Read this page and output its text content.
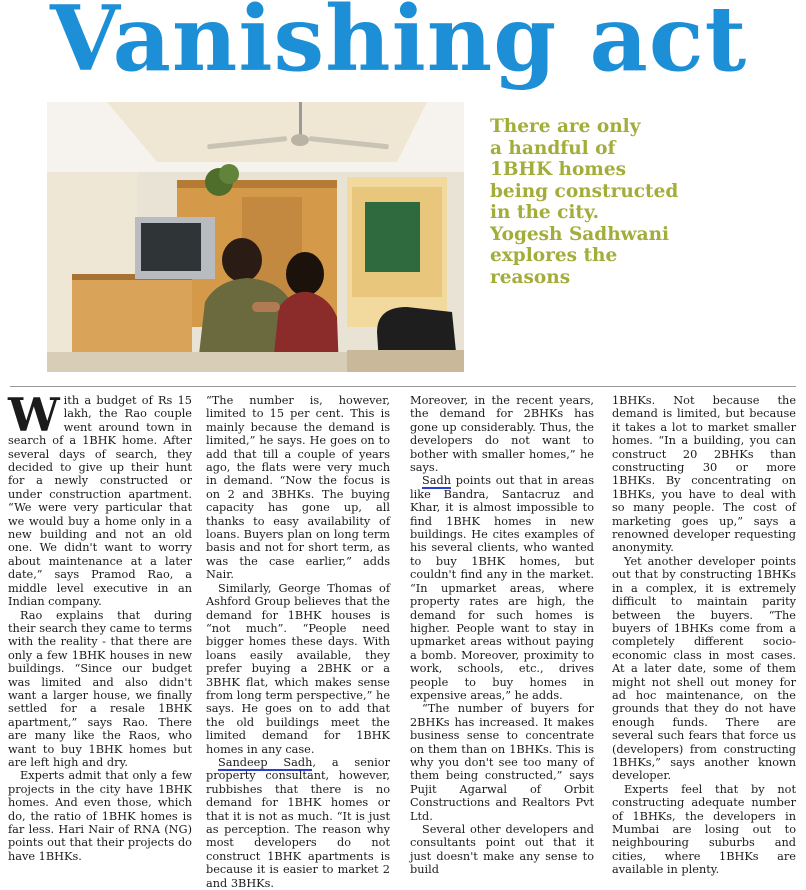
Vanishing act

There are only

a handful of

1BHK homes

being constructed

in the city.

Yogesh Sadhwani

explores the

reasons

With a budget of Rs 15 lakh, the Rao couple went around town in search of a 1BHK home. After several days of search, they decided to give up their hunt for a newly constructed or under construction apartment. “We were very particular that we would buy a home only in a new building and not an old one. We didn't want to worry about maintenance at a later date,” says Pramod Rao, a middle level executive in an Indian company.

Rao explains that during their search they came to terms with the reality - that there are only a few 1BHK houses in new buildings. “Since our budget was limited and also didn't want a larger house, we finally settled for a resale 1BHK apartment,” says Rao. There are many like the Raos, who want to buy 1BHK homes but are left high and dry.

Experts admit that only a few projects in the city have 1BHK homes. And even those, which do, the ratio of 1BHK homes is far less. Hari Nair of RNA (NG) points out that their projects do have 1BHKs.

“The number is, however, limited to 15 per cent. This is mainly because the demand is limited,” he says. He goes on to add that till a couple of years ago, the flats were very much in demand. “Now the focus is on 2 and 3BHKs. The buying capacity has gone up, all thanks to easy availability of loans. Buyers plan on long term basis and not for short term, as was the case earlier,” adds Nair.

Similarly, George Thomas of Ashford Group believes that the demand for 1BHK houses is “not much”. “People need bigger homes these days. With loans easily available, they prefer buying a 2BHK or a 3BHK flat, which makes sense from long term perspective,” he says. He goes on to add that the old buildings meet the limited demand for 1BHK homes in any case.

Sandeep Sadh, a senior property consultant, however, rubbishes that there is no demand for 1BHK homes or that it is not as much. “It is just as perception. The reason why most developers do not construct 1BHK apartments is because it is easier to market 2 and 3BHKs.

Moreover, in the recent years, the demand for 2BHKs has gone up considerably. Thus, the developers do not want to bother with smaller homes,” he says.

Sadh points out that in areas like Bandra, Santacruz and Khar, it is almost impossible to find 1BHK homes in new buildings. He cites examples of his several clients, who wanted to buy 1BHK homes, but couldn't find any in the market. “In upmarket areas, where property rates are high, the demand for such homes is higher. People want to stay in upmarket areas without paying a bomb. Moreover, proximity to work, schools, etc., drives people to buy homes in expensive areas,” he adds.

“The number of buyers for 2BHKs has increased. It makes business sense to concentrate on them than on 1BHKs. This is why you don't see too many of them being constructed,” says Pujit Agarwal of Orbit Constructions and Realtors Pvt Ltd.

Several other developers and consultants point out that it just doesn't make any sense to build

1BHKs. Not because the demand is limited, but because it takes a lot to market smaller homes. “In a building, you can construct 20 2BHKs than constructing 30 or more 1BHKs. By concentrating on 1BHKs, you have to deal with so many people. The cost of marketing goes up,” says a renowned developer requesting anonymity.

Yet another developer points out that by constructing 1BHKs in a complex, it is extremely difficult to maintain parity between the buyers. “The buyers of 1BHKs come from a completely different socio-economic class in most cases. At a later date, some of them might not shell out money for ad hoc maintenance, on the grounds that they do not have enough funds. There are several such fears that force us (developers) from constructing 1BHKs,” says another known developer.

Experts feel that by not constructing adequate number of 1BHKs, the developers in Mumbai are losing out to neighbouring suburbs and cities, where 1BHKs are available in plenty.
